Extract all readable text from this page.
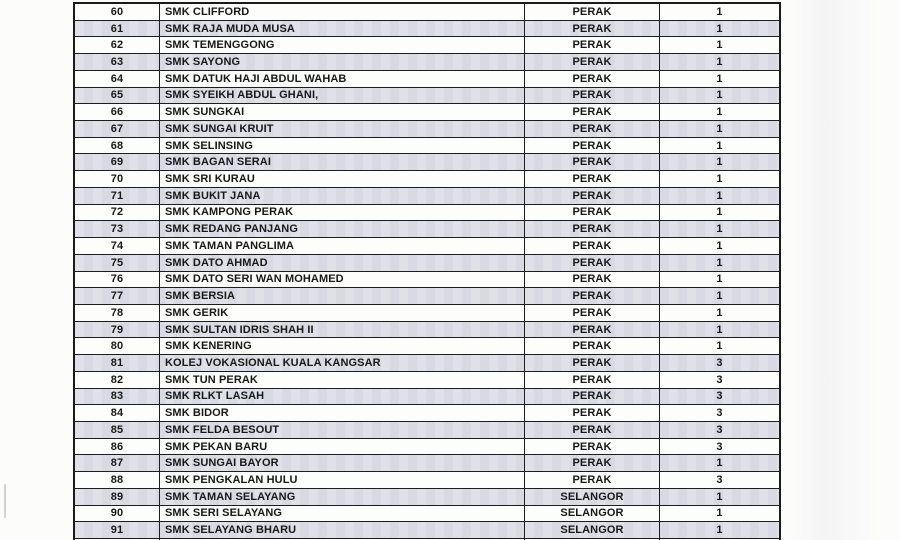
60	SMK CLIFFORD	PERAK	1
61	SMK RAJA MUDA MUSA	PERAK	1
62	SMK TEMENGGONG	PERAK	1
63	SMK SAYONG	PERAK	1
64	SMK DATUK HAJI ABDUL WAHAB	PERAK	1
65	SMK SYEIKH ABDUL GHANI,	PERAK	1
66	SMK SUNGKAI	PERAK	1
67	SMK SUNGAI KRUIT	PERAK	1
68	SMK SELINSING	PERAK	1
69	SMK BAGAN SERAI	PERAK	1
70	SMK SRI KURAU	PERAK	1
71	SMK BUKIT JANA	PERAK	1
72	SMK KAMPONG PERAK	PERAK	1
73	SMK REDANG PANJANG	PERAK	1
74	SMK TAMAN PANGLIMA	PERAK	1
75	SMK DATO AHMAD	PERAK	1
76	SMK DATO SERI WAN MOHAMED	PERAK	1
77	SMK BERSIA	PERAK	1
78	SMK GERIK	PERAK	1
79	SMK SULTAN IDRIS SHAH II	PERAK	1
80	SMK KENERING	PERAK	1
81	KOLEJ VOKASIONAL KUALA KANGSAR	PERAK	3
82	SMK TUN PERAK	PERAK	3
83	SMK RLKT LASAH	PERAK	3
84	SMK BIDOR	PERAK	3
85	SMK FELDA BESOUT	PERAK	3
86	SMK PEKAN BARU	PERAK	3
87	SMK SUNGAI BAYOR	PERAK	1
88	SMK PENGKALAN HULU	PERAK	3
89	SMK TAMAN SELAYANG	SELANGOR	1
90	SMK SERI SELAYANG	SELANGOR	1
91	SMK SELAYANG BHARU	SELANGOR	1
